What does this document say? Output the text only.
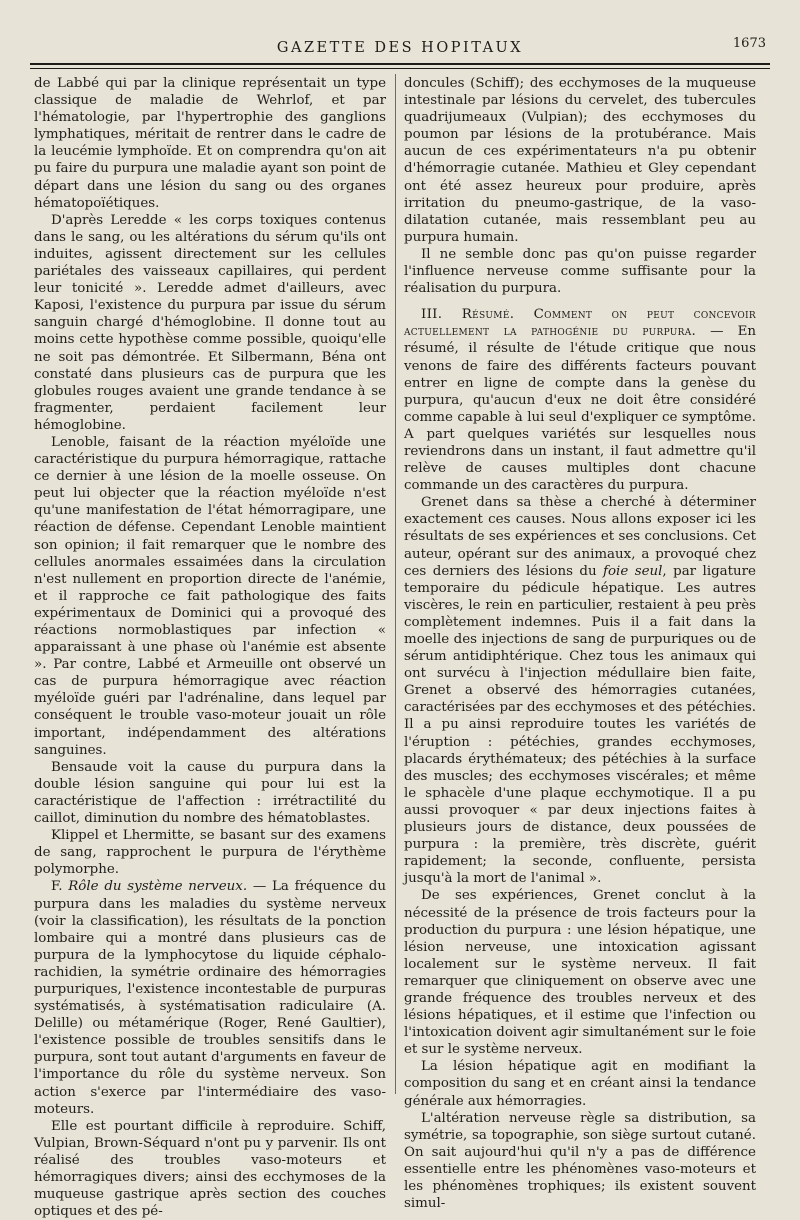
GAZETTE DES HOPITAUX	1673

de Labbé qui par la clinique représentait un type classique de maladie de Wehrlof, et par l'hématologie, par l'hypertrophie des ganglions lymphatiques, méritait de rentrer dans le cadre de la leucémie lymphoïde. Et on comprendra qu'on ait pu faire du purpura une maladie ayant son point de départ dans une lésion du sang ou des organes hématopoïétiques.

D'après Leredde « les corps toxiques contenus dans le sang, ou les altérations du sérum qu'ils ont induites, agissent directement sur les cellules pariétales des vaisseaux capillaires, qui perdent leur tonicité ». Leredde admet d'ailleurs, avec Kaposi, l'existence du purpura par issue du sérum sanguin chargé d'hémoglobine. Il donne tout au moins cette hypothèse comme possible, quoiqu'elle ne soit pas démontrée. Et Silbermann, Béna ont constaté dans plusieurs cas de purpura que les globules rouges avaient une grande tendance à se fragmenter, perdaient facilement leur hémoglobine.

Lenoble, faisant de la réaction myéloïde une caractéristique du purpura hémorragique, rattache ce dernier à une lésion de la moelle osseuse. On peut lui objecter que la réaction myéloïde n'est qu'une manifestation de l'état hémorragipare, une réaction de défense. Cependant Lenoble maintient son opinion; il fait remarquer que le nombre des cellules anormales essaimées dans la circulation n'est nullement en proportion directe de l'anémie, et il rapproche ce fait pathologique des faits expérimentaux de Dominici qui a provoqué des réactions normoblastiques par infection « apparaissant à une phase où l'anémie est absente ». Par contre, Labbé et Armeuille ont observé un cas de purpura hémorragique avec réaction myéloïde guéri par l'adrénaline, dans lequel par conséquent le trouble vaso-moteur jouait un rôle important, indépendamment des altérations sanguines.

Bensaude voit la cause du purpura dans la double lésion sanguine qui pour lui est la caractéristique de l'affection : irrétractilité du caillot, diminution du nombre des hématoblastes.

Klippel et Lhermitte, se basant sur des examens de sang, rapprochent le purpura de l'érythème polymorphe.

F. Rôle du système nerveux. — La fréquence du purpura dans les maladies du système nerveux (voir la classification), les résultats de la ponction lombaire qui a montré dans plusieurs cas de purpura de la lymphocytose du liquide céphalo-rachidien, la symétrie ordinaire des hémorragies purpuriques, l'existence incontestable de purpuras systématisés, à systématisation radiculaire (A. Delille) ou métamérique (Roger, René Gaultier), l'existence possible de troubles sensitifs dans le purpura, sont tout autant d'arguments en faveur de l'importance du rôle du système nerveux. Son action s'exerce par l'intermédiaire des vaso-moteurs.

Elle est pourtant difficile à reproduire. Schiff, Vulpian, Brown-Séquard n'ont pu y parvenir. Ils ont réalisé des troubles vaso-moteurs et hémorragiques divers; ainsi des ecchymoses de la muqueuse gastrique après section des couches optiques et des pé-

doncules (Schiff); des ecchymoses de la muqueuse intestinale par lésions du cervelet, des tubercules quadrijumeaux (Vulpian); des ecchymoses du poumon par lésions de la protubérance. Mais aucun de ces expérimentateurs n'a pu obtenir d'hémorragie cutanée. Mathieu et Gley cependant ont été assez heureux pour produire, après irritation du pneumo-gastrique, de la vaso-dilatation cutanée, mais ressemblant peu au purpura humain.

Il ne semble donc pas qu'on puisse regarder l'influence nerveuse comme suffisante pour la réalisation du purpura.

III. Résumé. Comment on peut concevoir actuellement la pathogénie du purpura. — En résumé, il résulte de l'étude critique que nous venons de faire des différents facteurs pouvant entrer en ligne de compte dans la genèse du purpura, qu'aucun d'eux ne doit être considéré comme capable à lui seul d'expliquer ce symptôme. A part quelques variétés sur lesquelles nous reviendrons dans un instant, il faut admettre qu'il relève de causes multiples dont chacune commande un des caractères du purpura.

Grenet dans sa thèse a cherché à déterminer exactement ces causes. Nous allons exposer ici les résultats de ses expériences et ses conclusions. Cet auteur, opérant sur des animaux, a provoqué chez ces derniers des lésions du foie seul, par ligature temporaire du pédicule hépatique. Les autres viscères, le rein en particulier, restaient à peu près complètement indemnes. Puis il a fait dans la moelle des injections de sang de purpuriques ou de sérum antidiphtérique. Chez tous les animaux qui ont survécu à l'injection médullaire bien faite, Grenet a observé des hémorragies cutanées, caractérisées par des ecchymoses et des pétéchies. Il a pu ainsi reproduire toutes les variétés de l'éruption : pétéchies, grandes ecchymoses, placards érythémateux; des pétéchies à la surface des muscles; des ecchymoses viscérales; et même le sphacèle d'une plaque ecchymotique. Il a pu aussi provoquer « par deux injections faites à plusieurs jours de distance, deux poussées de purpura : la première, très discrète, guérit rapidement; la seconde, confluente, persista jusqu'à la mort de l'animal ».

De ses expériences, Grenet conclut à la nécessité de la présence de trois facteurs pour la production du purpura : une lésion hépatique, une lésion nerveuse, une intoxication agissant localement sur le système nerveux. Il fait remarquer que cliniquement on observe avec une grande fréquence des troubles nerveux et des lésions hépatiques, et il estime que l'infection ou l'intoxication doivent agir simultanément sur le foie et sur le système nerveux.

La lésion hépatique agit en modifiant la composition du sang et en créant ainsi la tendance générale aux hémorragies.

L'altération nerveuse règle sa distribution, sa symétrie, sa topographie, son siège surtout cutané. On sait aujourd'hui qu'il n'y a pas de différence essentielle entre les phénomènes vaso-moteurs et les phénomènes trophiques; ils existent souvent simul-
